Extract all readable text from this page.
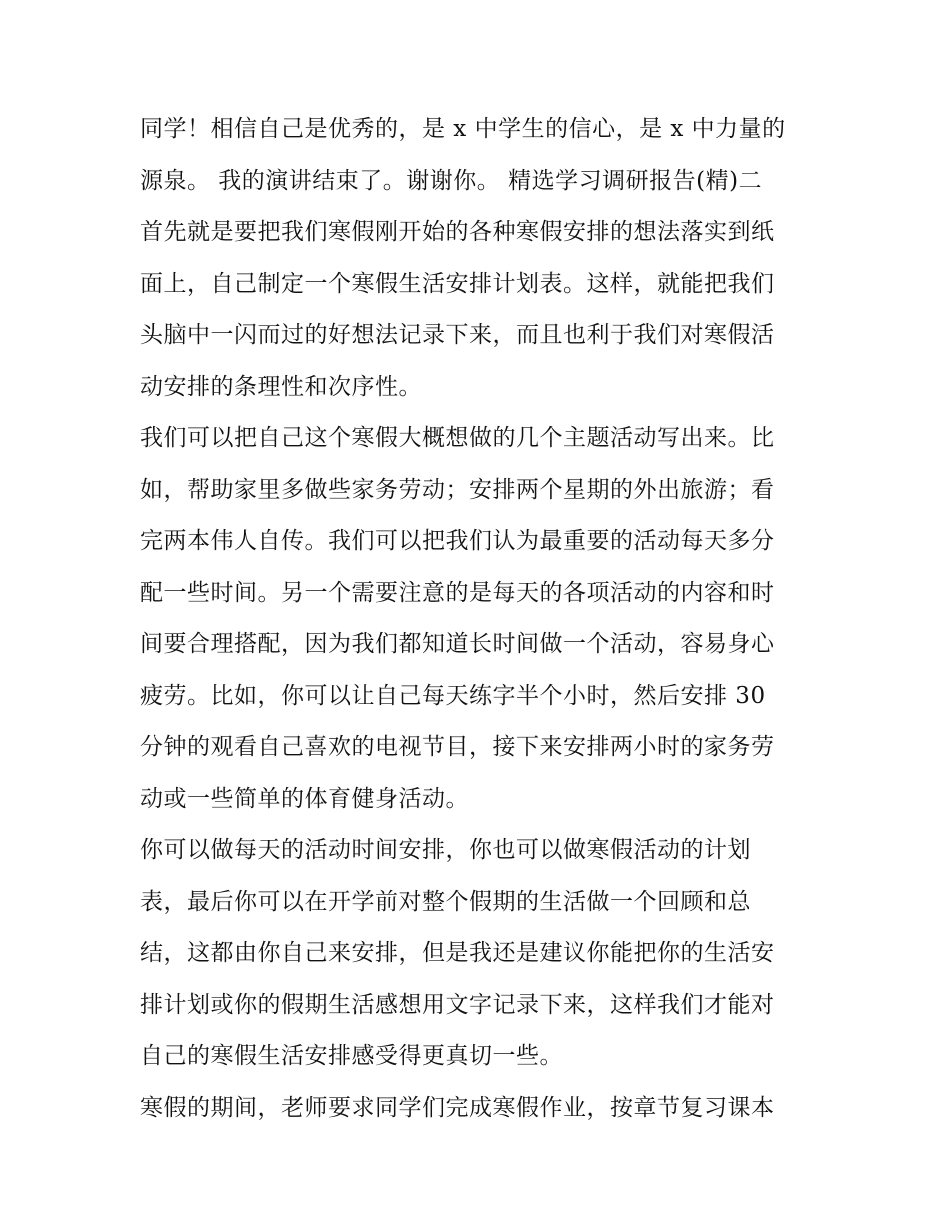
同学！相信自己是优秀的，是 x 中学生的信心，是 x 中力量的
源泉。 我的演讲结束了。谢谢你。 精选学习调研报告(精)二
首先就是要把我们寒假刚开始的各种寒假安排的想法落实到纸
面上，自己制定一个寒假生活安排计划表。这样，就能把我们
头脑中一闪而过的好想法记录下来，而且也利于我们对寒假活
动安排的条理性和次序性。
我们可以把自己这个寒假大概想做的几个主题活动写出来。比
如，帮助家里多做些家务劳动；安排两个星期的外出旅游；看
完两本伟人自传。我们可以把我们认为最重要的活动每天多分
配一些时间。另一个需要注意的是每天的各项活动的内容和时
间要合理搭配，因为我们都知道长时间做一个活动，容易身心
疲劳。比如，你可以让自己每天练字半个小时，然后安排 30
分钟的观看自己喜欢的电视节目，接下来安排两小时的家务劳
动或一些简单的体育健身活动。
你可以做每天的活动时间安排，你也可以做寒假活动的计划
表，最后你可以在开学前对整个假期的生活做一个回顾和总
结，这都由你自己来安排，但是我还是建议你能把你的生活安
排计划或你的假期生活感想用文字记录下来，这样我们才能对
自己的寒假生活安排感受得更真切一些。
寒假的期间，老师要求同学们完成寒假作业，按章节复习课本
